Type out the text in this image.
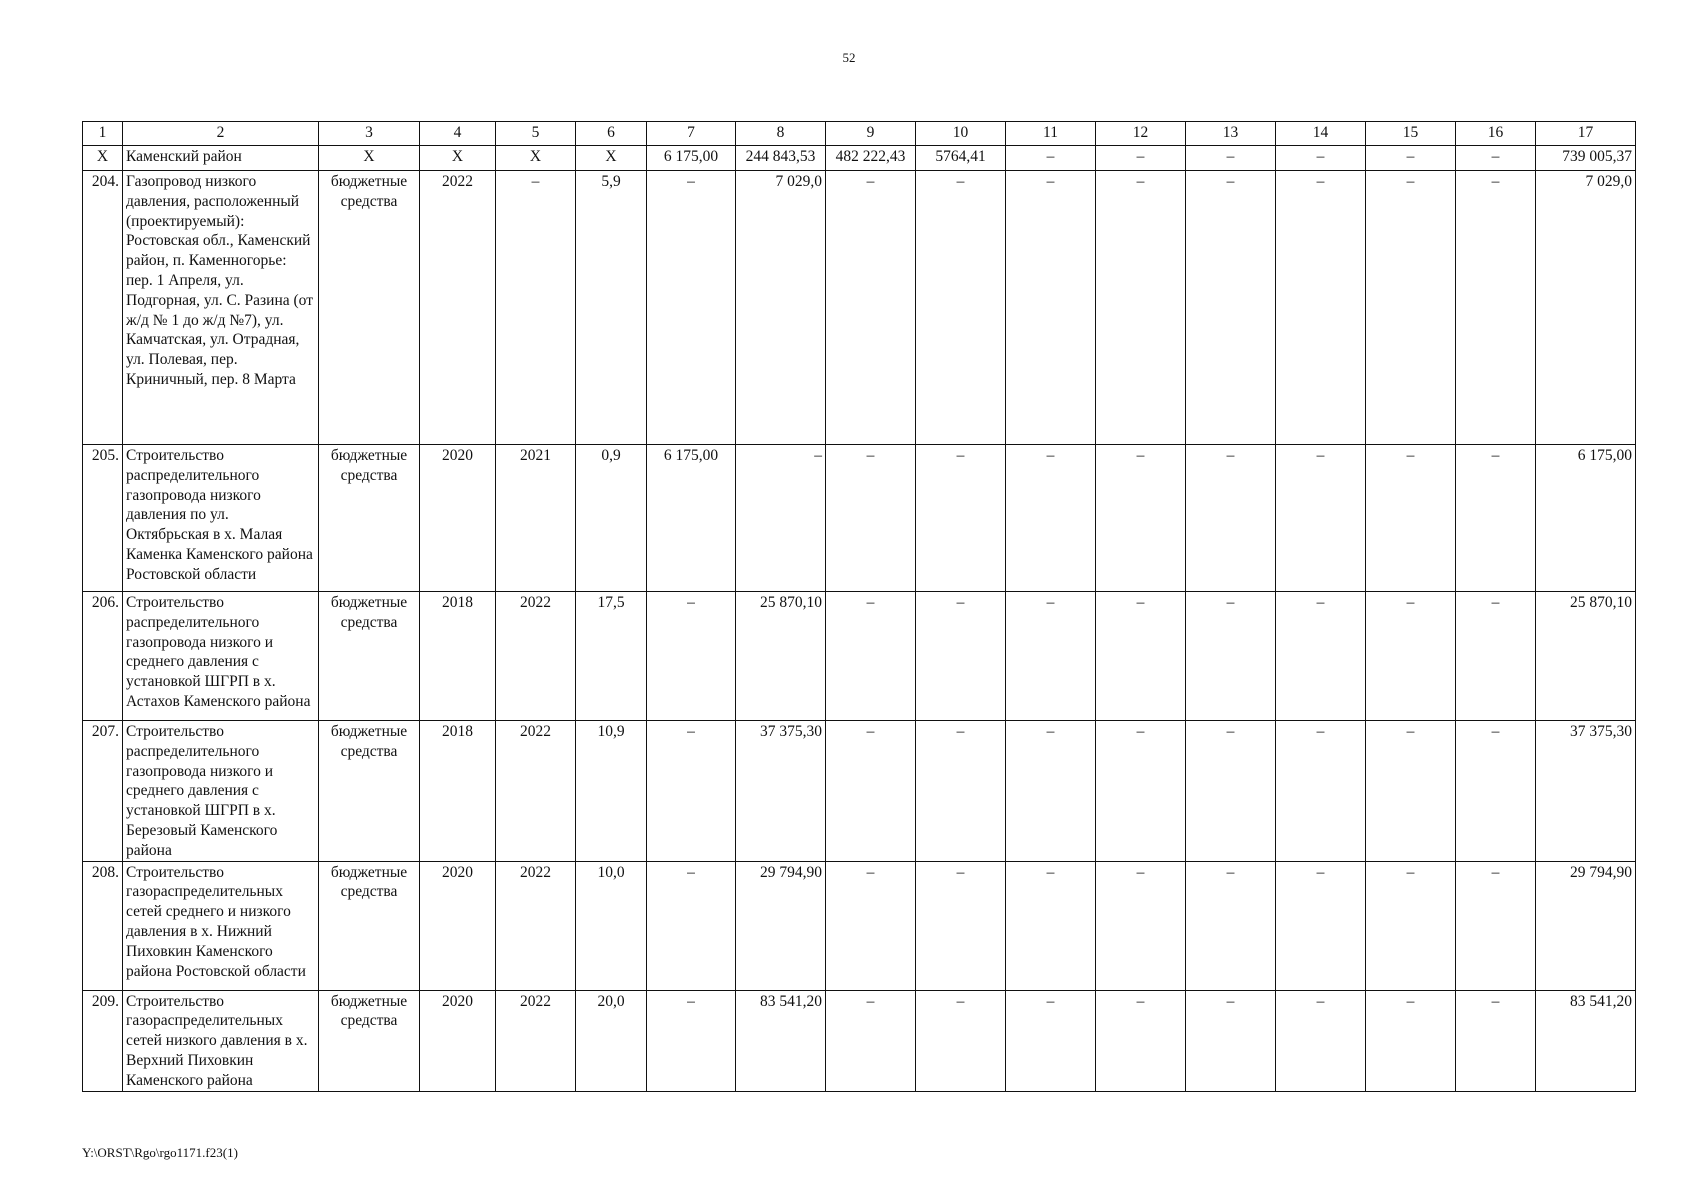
52
1	2	3	4	5	6	7	8	9	10	11	12	13	14	15	16	17
Х	Каменский район	Х	Х	Х	Х	6 175,00	244 843,53	482 222,43	5764,41	–	–	–	–	–	–	739 005,37
204.	Газопровод низкого давления, расположенный (проектируемый): Ростовская обл., Каменский район, п. Каменногорье: пер. 1 Апреля, ул. Подгорная, ул. С. Разина (от ж/д № 1 до ж/д №7), ул. Камчатская, ул. Отрадная, ул. Полевая, пер. Криничный, пер. 8 Марта	бюджетные средства	2022	–	5,9	–	7 029,0	–	–	–	–	–	–	–	–	7 029,0
205.	Строительство распределительного газопровода низкого давления по ул. Октябрьская в х. Малая Каменка Каменского района Ростовской области	бюджетные средства	2020	2021	0,9	6 175,00	–	–	–	–	–	–	–	–	–	6 175,00
206.	Строительство распределительного газопровода низкого и среднего давления с установкой ШГРП в х. Астахов Каменского района	бюджетные средства	2018	2022	17,5	–	25 870,10	–	–	–	–	–	–	–	–	25 870,10
207.	Строительство распределительного газопровода низкого и среднего давления с установкой ШГРП в х. Березовый Каменского района	бюджетные средства	2018	2022	10,9	–	37 375,30	–	–	–	–	–	–	–	–	37 375,30
208.	Строительство газораспределительных сетей среднего и низкого давления в х. Нижний Пиховкин Каменского района Ростовской области	бюджетные средства	2020	2022	10,0	–	29 794,90	–	–	–	–	–	–	–	–	29 794,90
209.	Строительство газораспределительных сетей низкого давления в х. Верхний Пиховкин Каменского района	бюджетные средства	2020	2022	20,0	–	83 541,20	–	–	–	–	–	–	–	–	83 541,20
Y:\ORST\Rgo\rgo1171.f23(1)
